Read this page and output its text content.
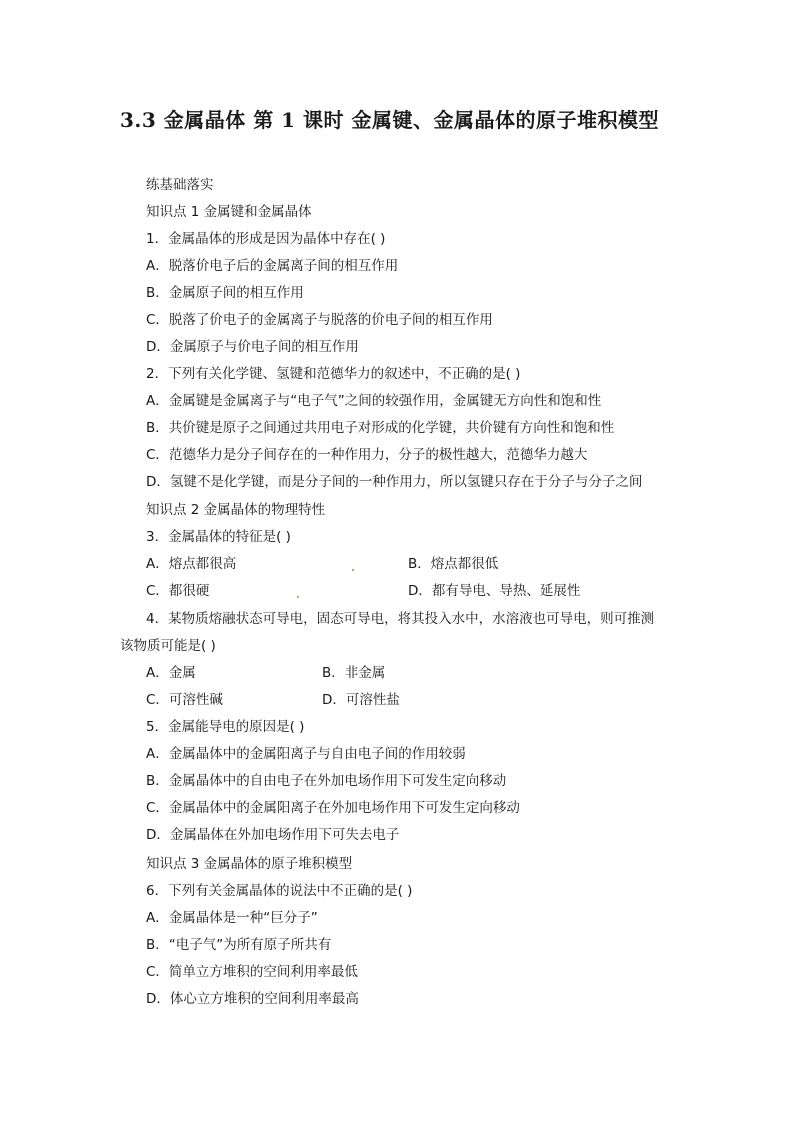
3.3 金属晶体 第 1 课时 金属键、金属晶体的原子堆积模型
练基础落实
知识点 1 金属键和金属晶体
1．金属晶体的形成是因为晶体中存在( )
A．脱落价电子后的金属离子间的相互作用
B．金属原子间的相互作用
C．脱落了价电子的金属离子与脱落的价电子间的相互作用
D．金属原子与价电子间的相互作用
2．下列有关化学键、氢键和范德华力的叙述中，不正确的是( )
A．金属键是金属离子与“电子气”之间的较强作用，金属键无方向性和饱和性
B．共价键是原子之间通过共用电子对形成的化学键，共价键有方向性和饱和性
C．范德华力是分子间存在的一种作用力，分子的极性越大，范德华力越大
D．氢键不是化学键，而是分子间的一种作用力，所以氢键只存在于分子与分子之间
知识点 2 金属晶体的物理特性
3．金属晶体的特征是( )
A．熔点都很高	B．熔点都很低
C．都很硬	D．都有导电、导热、延展性
4．某物质熔融状态可导电，固态可导电，将其投入水中，水溶液也可导电，则可推测
该物质可能是( )
A．金属	B．非金属
C．可溶性碱	D．可溶性盐
5．金属能导电的原因是( )
A．金属晶体中的金属阳离子与自由电子间的作用较弱
B．金属晶体中的自由电子在外加电场作用下可发生定向移动
C．金属晶体中的金属阳离子在外加电场作用下可发生定向移动
D．金属晶体在外加电场作用下可失去电子
知识点 3 金属晶体的原子堆积模型
6．下列有关金属晶体的说法中不正确的是( )
A．金属晶体是一种“巨分子”
B．“电子气”为所有原子所共有
C．简单立方堆积的空间利用率最低
D．体心立方堆积的空间利用率最高
